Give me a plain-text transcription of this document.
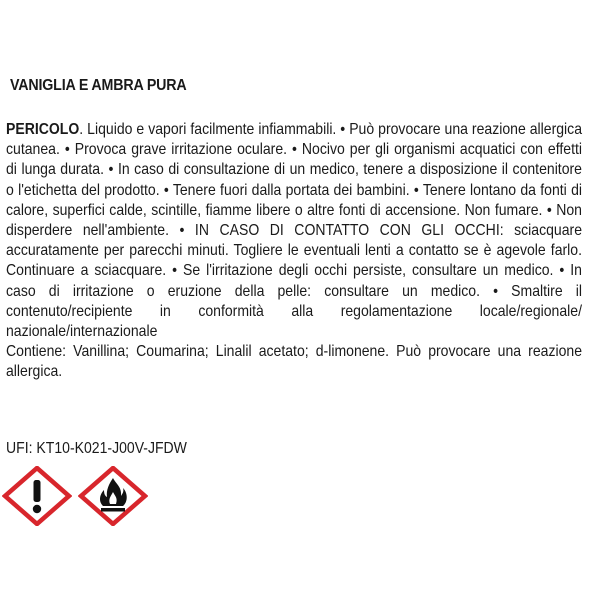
VANIGLIA E AMBRA PURA
PERICOLO. Liquido e vapori facilmente infiammabili. • Può provocare una reazione allergica cutanea. • Provoca grave irritazione oculare. • Nocivo per gli organismi acquatici con effetti di lunga durata. • In caso di consultazione di un medico, tenere a disposizione il contenitore o l'etichetta del prodotto. • Tenere fuori dalla portata dei bambini. • Tenere lontano da fonti di calore, superfici calde, scintille, fiamme libere o altre fonti di accensione. Non fumare. • Non disperdere nell'ambiente. • IN CASO DI CONTATTO CON GLI OCCHI: sciacquare accuratamente per parecchi minuti. Togliere le eventuali lenti a contatto se è agevole farlo. Continuare a sciacquare. • Se l'irritazione degli occhi persiste, consultare un medico. • In caso di irritazione o eruzione della pelle: consultare un medico. • Smaltire il contenuto/recipiente in conformità alla regolamentazione locale/regionale/ nazionale/internazionale
Contiene: Vanillina; Coumarina; Linalil acetato; d-limonene. Può provocare una reazione allergica.
UFI: KT10-K021-J00V-JFDW
